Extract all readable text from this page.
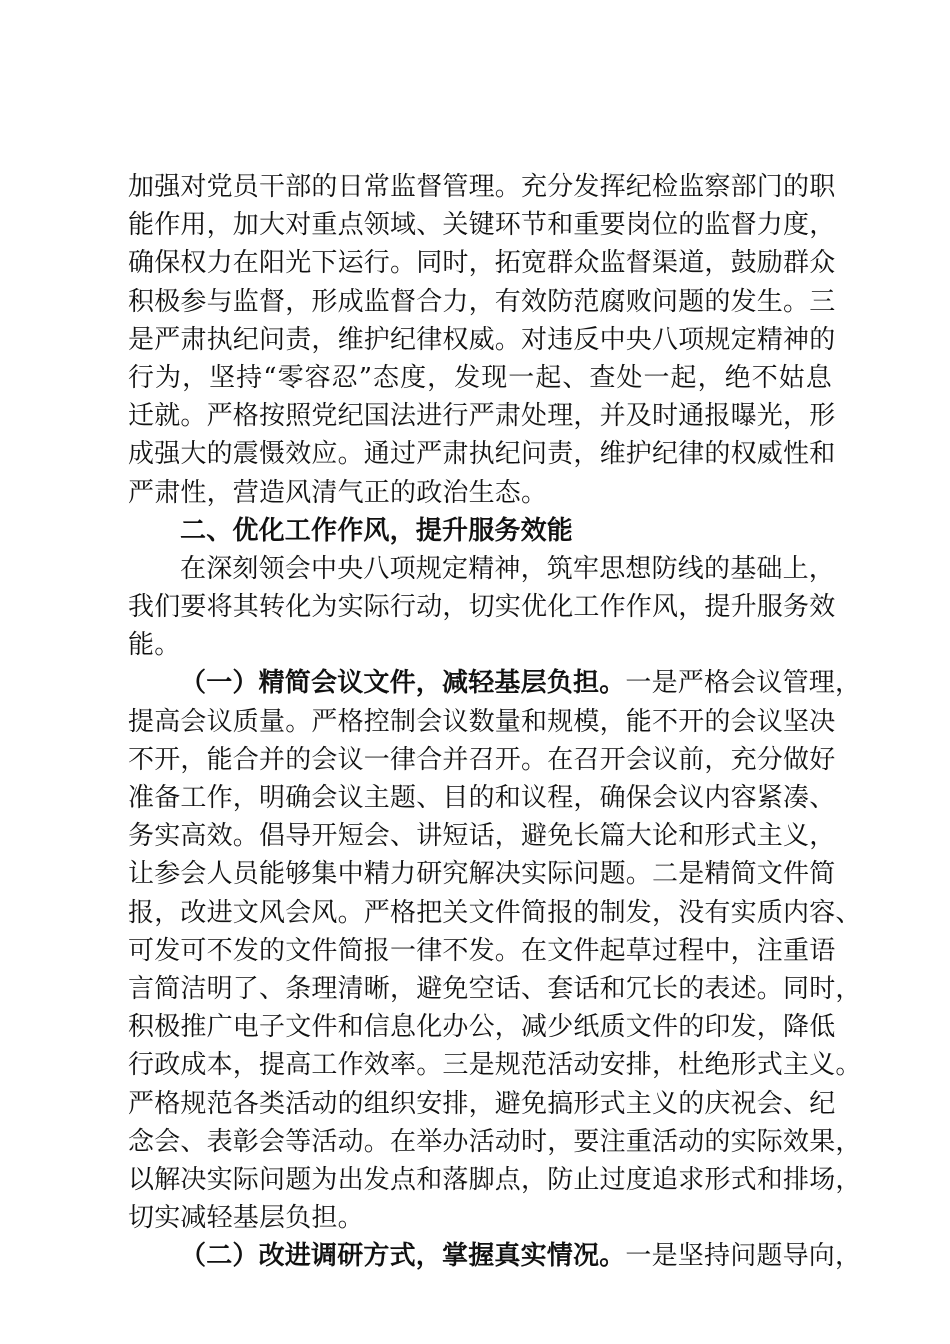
加强对党员干部的日常监督管理。充分发挥纪检监察部门的职
能作用，加大对重点领域、关键环节和重要岗位的监督力度，
确保权力在阳光下运行。同时，拓宽群众监督渠道，鼓励群众
积极参与监督，形成监督合力，有效防范腐败问题的发生。三
是严肃执纪问责，维护纪律权威。对违反中央八项规定精神的
行为，坚持“零容忍”态度，发现一起、查处一起，绝不姑息
迁就。严格按照党纪国法进行严肃处理，并及时通报曝光，形
成强大的震慑效应。通过严肃执纪问责，维护纪律的权威性和
严肃性，营造风清气正的政治生态。
二、优化工作作风，提升服务效能
在深刻领会中央八项规定精神，筑牢思想防线的基础上，
我们要将其转化为实际行动，切实优化工作作风，提升服务效
能。
（一）精简会议文件，减轻基层负担。一是严格会议管理，
提高会议质量。严格控制会议数量和规模，能不开的会议坚决
不开，能合并的会议一律合并召开。在召开会议前，充分做好
准备工作，明确会议主题、目的和议程，确保会议内容紧凑、
务实高效。倡导开短会、讲短话，避免长篇大论和形式主义，
让参会人员能够集中精力研究解决实际问题。二是精简文件简
报，改进文风会风。严格把关文件简报的制发，没有实质内容、
可发可不发的文件简报一律不发。在文件起草过程中，注重语
言简洁明了、条理清晰，避免空话、套话和冗长的表述。同时，
积极推广电子文件和信息化办公，减少纸质文件的印发，降低
行政成本，提高工作效率。三是规范活动安排，杜绝形式主义。
严格规范各类活动的组织安排，避免搞形式主义的庆祝会、纪
念会、表彰会等活动。在举办活动时，要注重活动的实际效果，
以解决实际问题为出发点和落脚点，防止过度追求形式和排场，
切实减轻基层负担。
（二）改进调研方式，掌握真实情况。一是坚持问题导向，
